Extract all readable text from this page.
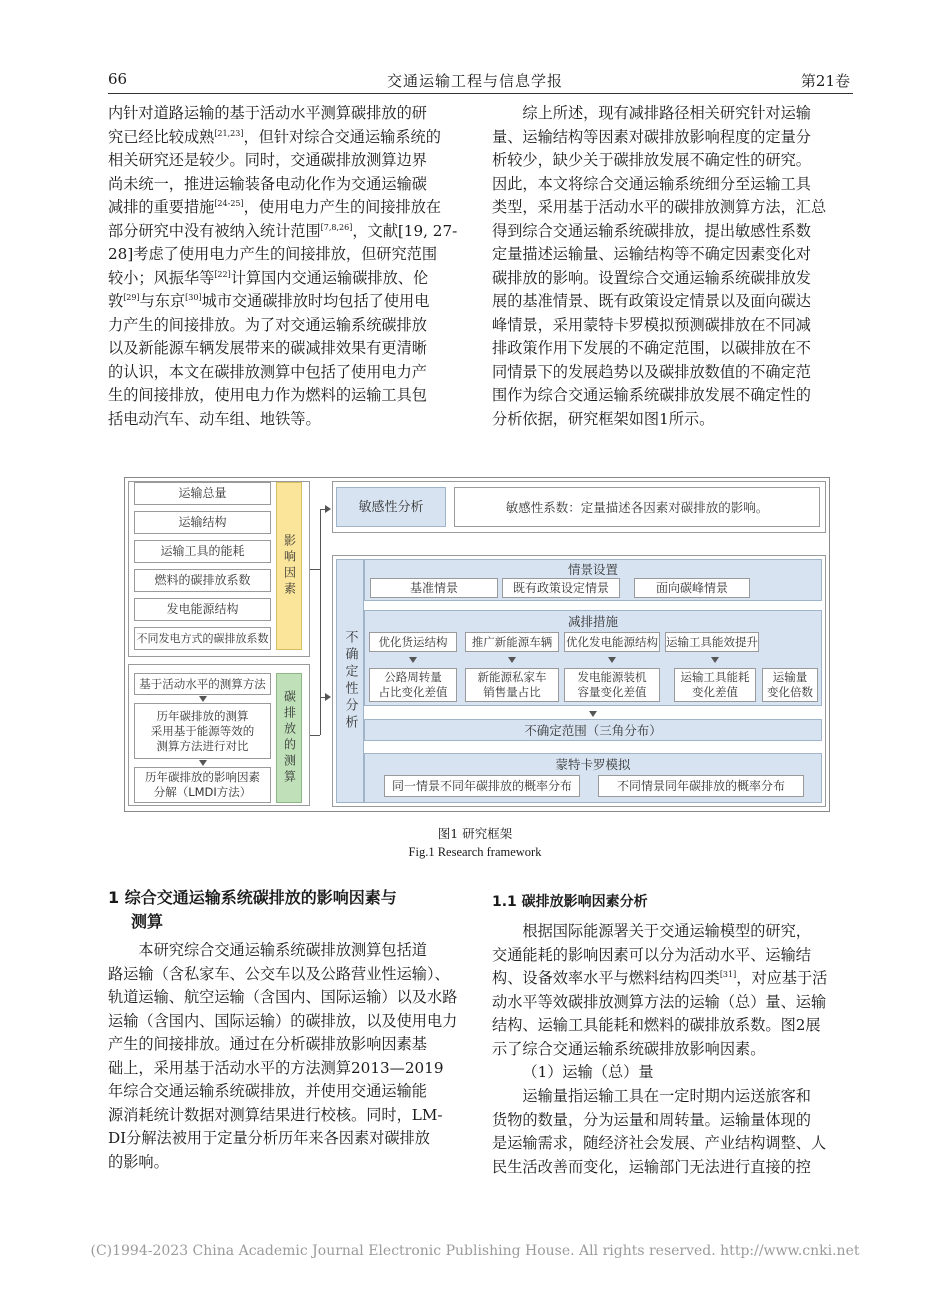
66	交通运输工程与信息学报	第21卷
内针对道路运输的基于活动水平测算碳排放的研
究已经比较成熟[21,23]，但针对综合交通运输系统的
相关研究还是较少。同时，交通碳排放测算边界
尚未统一，推进运输装备电动化作为交通运输碳
减排的重要措施[24-25]，使用电力产生的间接排放在
部分研究中没有被纳入统计范围[7,8,26]，文献[19, 27-
28]考虑了使用电力产生的间接排放，但研究范围
较小；风振华等[22]计算国内交通运输碳排放、伦
敦[29]与东京[30]城市交通碳排放时均包括了使用电
力产生的间接排放。为了对交通运输系统碳排放
以及新能源车辆发展带来的碳减排效果有更清晰
的认识，本文在碳排放测算中包括了使用电力产
生的间接排放，使用电力作为燃料的运输工具包
括电动汽车、动车组、地铁等。
综上所述，现有减排路径相关研究针对运输
量、运输结构等因素对碳排放影响程度的定量分
析较少，缺少关于碳排放发展不确定性的研究。
因此，本文将综合交通运输系统细分至运输工具
类型，采用基于活动水平的碳排放测算方法，汇总
得到综合交通运输系统碳排放，提出敏感性系数
定量描述运输量、运输结构等不确定因素变化对
碳排放的影响。设置综合交通运输系统碳排放发
展的基准情景、既有政策设定情景以及面向碳达
峰情景，采用蒙特卡罗模拟预测碳排放在不同减
排政策作用下发展的不确定范围，以碳排放在不
同情景下的发展趋势以及碳排放数值的不确定范
围作为综合交通运输系统碳排放发展不确定性的
分析依据，研究框架如图1所示。
运输总量
运输结构
运输工具的能耗
燃料的碳排放系数
发电能源结构
不同发电方式的碳排放系数
影响因素
基于活动水平的测算方法
历年碳排放的测算
采用基于能源等效的
测算方法进行对比
历年碳排放的影响因素
分解（LMDI方法）
碳排放的测算
敏感性分析	敏感性系数：定量描述各因素对碳排放的影响。
不确定性分析
情景设置
基准情景	既有政策设定情景	面向碳峰情景
减排措施
优化货运结构	推广新能源车辆	优化发电能源结构 运输工具能效提升
公路周转量
占比变化差值
新能源私家车
销售量占比
发电能源装机
容量变化差值
运输工具能耗
变化差值
运输量
变化倍数
不确定范围（三角分布）
蒙特卡罗模拟
同一情景不同年碳排放的概率分布	不同情景同年碳排放的概率分布
图1 研究框架
Fig.1 Research framework
1 综合交通运输系统碳排放的影响因素与
测算
本研究综合交通运输系统碳排放测算包括道
路运输（含私家车、公交车以及公路营业性运输）、
轨道运输、航空运输（含国内、国际运输）以及水路
运输（含国内、国际运输）的碳排放，以及使用电力
产生的间接排放。通过在分析碳排放影响因素基
础上，采用基于活动水平的方法测算2013—2019
年综合交通运输系统碳排放，并使用交通运输能
源消耗统计数据对测算结果进行校核。同时，LM-
DI分解法被用于定量分析历年来各因素对碳排放
的影响。
1.1 碳排放影响因素分析
根据国际能源署关于交通运输模型的研究，
交通能耗的影响因素可以分为活动水平、运输结
构、设备效率水平与燃料结构四类[31]，对应基于活
动水平等效碳排放测算方法的运输（总）量、运输
结构、运输工具能耗和燃料的碳排放系数。图2展
示了综合交通运输系统碳排放影响因素。
（1）运输（总）量
运输量指运输工具在一定时期内运送旅客和
货物的数量，分为运量和周转量。运输量体现的
是运输需求，随经济社会发展、产业结构调整、人
民生活改善而变化，运输部门无法进行直接的控
(C)1994-2023 China Academic Journal Electronic Publishing House. All rights reserved. http://www.cnki.net
